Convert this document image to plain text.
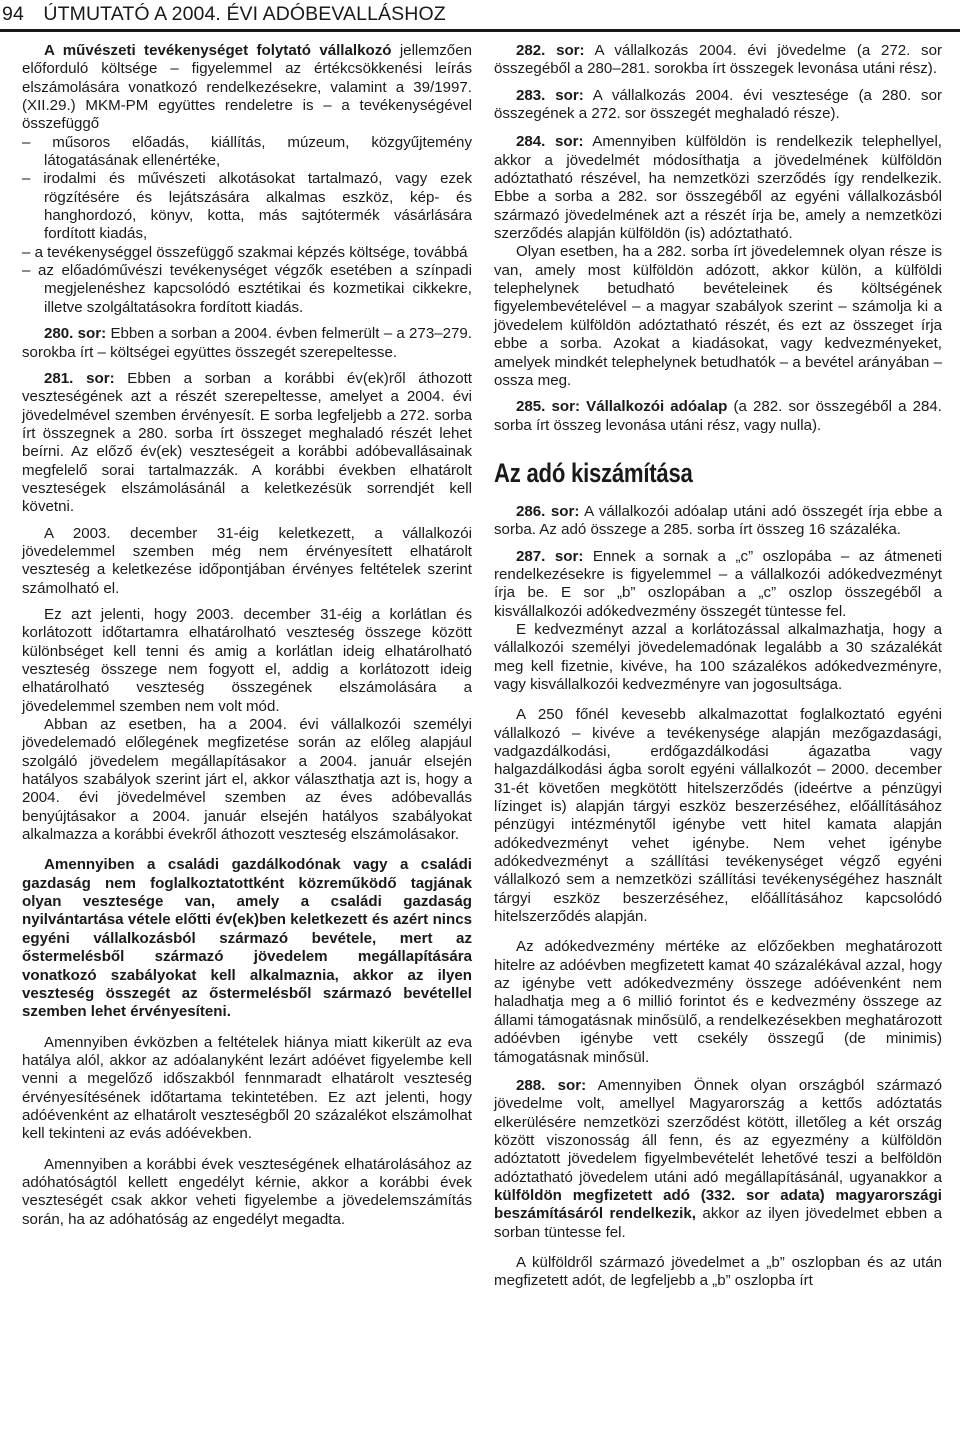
94 ÚTMUTATÓ A 2004. ÉVI ADÓBEVALLÁSHOZ

A művészeti tevékenységet folytató vállalkozó jellemzően előforduló költsége – figyelemmel az értékcsökkenési leírás elszámolására vonatkozó rendelkezésekre, valamint a 39/1997. (XII.29.) MKM-PM együttes rendeletre is – a tevékenységével összefüggő

– műsoros előadás, kiállítás, múzeum, közgyűjtemény látogatásának ellenértéke,

– irodalmi és művészeti alkotásokat tartalmazó, vagy ezek rögzítésére és lejátszására alkalmas eszköz, kép- és hanghordozó, könyv, kotta, más sajtótermék vásárlására fordított kiadás,

– a tevékenységgel összefüggő szakmai képzés költsége, továbbá

– az előadóművészi tevékenységet végzők esetében a színpadi megjelenéshez kapcsolódó esztétikai és kozmetikai cikkekre, illetve szolgáltatásokra fordított kiadás.

280. sor: Ebben a sorban a 2004. évben felmerült – a 273–279. sorokba írt – költségei együttes összegét szerepeltesse.

281. sor: Ebben a sorban a korábbi év(ek)ről áthozott veszteségének azt a részét szerepeltesse, amelyet a 2004. évi jövedelmével szemben érvényesít. E sorba legfeljebb a 272. sorba írt összegnek a 280. sorba írt összeget meghaladó részét lehet beírni. Az előző év(ek) veszteségeit a korábbi adóbevallásainak megfelelő sorai tartalmazzák. A korábbi években elhatárolt veszteségek elszámolásánál a keletkezésük sorrendjét kell követni.

A 2003. december 31-éig keletkezett, a vállalkozói jövedelemmel szemben még nem érvényesített elhatárolt veszteség a keletkezése időpontjában érvényes feltételek szerint számolható el.

Ez azt jelenti, hogy 2003. december 31-éig a korlátlan és korlátozott időtartamra elhatárolható veszteség összege között különbséget kell tenni és amig a korlátlan ideig elhatárolható veszteség összege nem fogyott el, addig a korlátozott ideig elhatárolható veszteség összegének elszámolására a jövedelemmel szemben nem volt mód.

Abban az esetben, ha a 2004. évi vállalkozói személyi jövedelemadó előlegének megfizetése során az előleg alapjául szolgáló jövedelem megállapításakor a 2004. január elsején hatályos szabályok szerint járt el, akkor választhatja azt is, hogy a 2004. évi jövedelmével szemben az éves adóbevallás benyújtásakor a 2004. január elsején hatályos szabályokat alkalmazza a korábbi évekről áthozott veszteség elszámolásakor.

Amennyiben a családi gazdálkodónak vagy a családi gazdaság nem foglalkoztatottként közreműködő tagjának olyan vesztesége van, amely a családi gazdaság nyilvántartása vétele előtti év(ek)ben keletkezett és azért nincs egyéni vállalkozásból származó bevétele, mert az őstermelésből származó jövedelem megállapítására vonatkozó szabályokat kell alkalmaznia, akkor az ilyen veszteség összegét az őstermelésből származó bevétellel szemben lehet érvényesíteni.

Amennyiben évközben a feltételek hiánya miatt kikerült az eva hatálya alól, akkor az adóalanyként lezárt adóévet figyelembe kell venni a megelőző időszakból fennmaradt elhatárolt veszteség érvényesítésének időtartama tekintetében. Ez azt jelenti, hogy adóévenként az elhatárolt veszteségből 20 százalékot elszámolhat kell tekinteni az evás adóévekben.

Amennyiben a korábbi évek veszteségének elhatárolásához az adóhatóságtól kellett engedélyt kérnie, akkor a korábbi évek veszteségét csak akkor veheti figyelembe a jövedelemszámítás során, ha az adóhatóság az engedélyt megadta.

282. sor: A vállalkozás 2004. évi jövedelme (a 272. sor összegéből a 280–281. sorokba írt összegek levonása utáni rész).

283. sor: A vállalkozás 2004. évi vesztesége (a 280. sor összegének a 272. sor összegét meghaladó része).

284. sor: Amennyiben külföldön is rendelkezik telephellyel, akkor a jövedelmét módosíthatja a jövedelmének külföldön adóztatható részével, ha nemzetközi szerződés így rendelkezik. Ebbe a sorba a 282. sor összegéből az egyéni vállalkozásból származó jövedelmének azt a részét írja be, amely a nemzetközi szerződés alapján külföldön (is) adóztatható.

Olyan esetben, ha a 282. sorba írt jövedelemnek olyan része is van, amely most külföldön adózott, akkor külön, a külföldi telephelynek betudható bevételeinek és költségének figyelembevételével – a magyar szabályok szerint – számolja ki a jövedelem külföldön adóztatható részét, és ezt az összeget írja ebbe a sorba. Azokat a kiadásokat, vagy kedvezményeket, amelyek mindkét telephelynek betudhatók – a bevétel arányában – ossza meg.

285. sor: Vállalkozói adóalap (a 282. sor összegéből a 284. sorba írt összeg levonása utáni rész, vagy nulla).

Az adó kiszámítása

286. sor: A vállalkozói adóalap utáni adó összegét írja ebbe a sorba. Az adó összege a 285. sorba írt összeg 16 százaléka.

287. sor: Ennek a sornak a „c” oszlopába – az átmeneti rendelkezésekre is figyelemmel – a vállalkozói adókedvezményt írja be. E sor „b” oszlopában a „c” oszlop összegéből a kisvállalkozói adókedvezmény összegét tüntesse fel.

E kedvezményt azzal a korlátozással alkalmazhatja, hogy a vállalkozói személyi jövedelemadónak legalább a 30 százalékát meg kell fizetnie, kivéve, ha 100 százalékos adókedvezményre, vagy kisvállalkozói kedvezményre van jogosultsága.

A 250 főnél kevesebb alkalmazottat foglalkoztató egyéni vállalkozó – kivéve a tevékenysége alapján mezőgazdasági, vadgazdálkodási, erdőgazdálkodási ágazatba vagy halgazdálkodási ágba sorolt egyéni vállalkozót – 2000. december 31-ét követően megkötött hitelszerződés (ideértve a pénzügyi lízinget is) alapján tárgyi eszköz beszerzéséhez, előállításához pénzügyi intézménytől igénybe vett hitel kamata alapján adókedvezményt vehet igénybe. Nem vehet igénybe adókedvezményt a szállítási tevékenységet végző egyéni vállalkozó sem a nemzetközi szállítási tevékenységéhez használt tárgyi eszköz beszerzéséhez, előállításához kapcsolódó hitelszerződés alapján.

Az adókedvezmény mértéke az előzőekben meghatározott hitelre az adóévben megfizetett kamat 40 százalékával azzal, hogy az igénybe vett adókedvezmény összege adóévenként nem haladhatja meg a 6 millió forintot és e kedvezmény összege az állami támogatásnak minősülő, a rendelkezésekben meghatározott adóévben igénybe vett csekély összegű (de minimis) támogatásnak minősül.

288. sor: Amennyiben Önnek olyan országból származó jövedelme volt, amellyel Magyarország a kettős adóztatás elkerülésére nemzetközi szerződést kötött, illetőleg a két ország között viszonosság áll fenn, és az egyezmény a külföldön adóztatott jövedelem figyelmbevételét lehetővé teszi a belföldön adóztatható jövedelem utáni adó megállapításánál, ugyanakkor a külföldön megfizetett adó (332. sor adata) magyarországi beszámításáról rendelkezik, akkor az ilyen jövedelmet ebben a sorban tüntesse fel.

A külföldről származó jövedelmet a „b” oszlopban és az után megfizetett adót, de legfeljebb a „b” oszlopba írt
